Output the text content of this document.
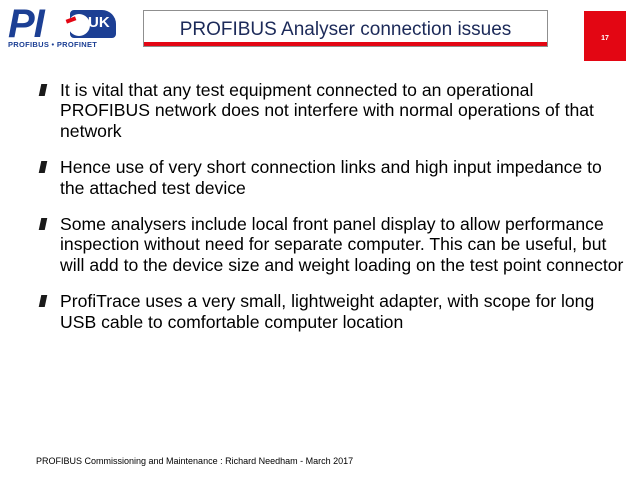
PI	UK
PROFIBUS • PROFINET
PROFIBUS Analyser connection issues	17
It is vital that any test equipment connected to an operational PROFIBUS network does not interfere with normal operations of that network
Hence use of very short connection links and high input impedance to the attached test device
Some analysers include local front panel display to allow performance inspection without need for separate computer. This can be useful, but will add to the device size and weight loading on the test point connector
ProfiTrace uses a very small, lightweight adapter, with scope for long USB cable to comfortable computer location
PROFIBUS Commissioning and Maintenance : Richard Needham - March 2017
